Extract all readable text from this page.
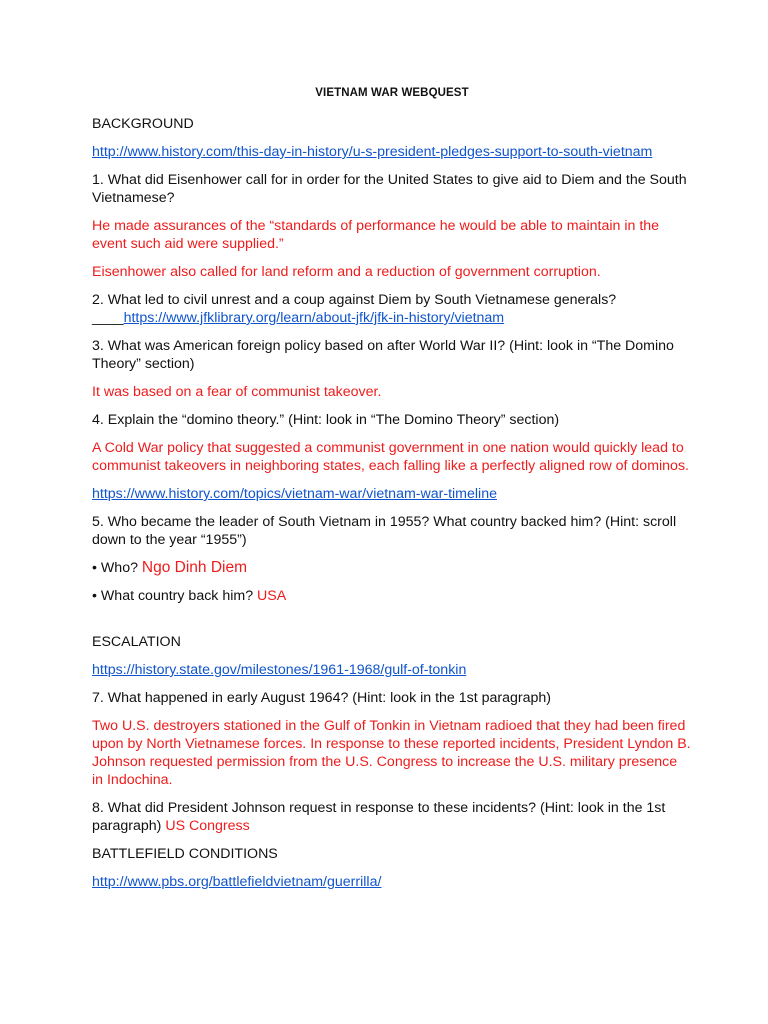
VIETNAM WAR WEBQUEST
BACKGROUND
http://www.history.com/this-day-in-history/u-s-president-pledges-support-to-south-vietnam
1. What did Eisenhower call for in order for the United States to give aid to Diem and the South Vietnamese?
He made assurances of the “standards of performance he would be able to maintain in the event such aid were supplied.”
Eisenhower also called for land reform and a reduction of government corruption.
2. What led to civil unrest and a coup against Diem by South Vietnamese generals? ____https://www.jfklibrary.org/learn/about-jfk/jfk-in-history/vietnam
3. What was American foreign policy based on after World War II? (Hint: look in “The Domino Theory” section)
It was based on a fear of communist takeover.
4. Explain the “domino theory.” (Hint: look in “The Domino Theory” section)
A Cold War policy that suggested a communist government in one nation would quickly lead to communist takeovers in neighboring states, each falling like a perfectly aligned row of dominos.
https://www.history.com/topics/vietnam-war/vietnam-war-timeline
5. Who became the leader of South Vietnam in 1955? What country backed him? (Hint: scroll down to the year “1955”)
• Who? Ngo Dinh Diem
• What country back him? USA
ESCALATION
https://history.state.gov/milestones/1961-1968/gulf-of-tonkin
7. What happened in early August 1964? (Hint: look in the 1st paragraph)
Two U.S. destroyers stationed in the Gulf of Tonkin in Vietnam radioed that they had been fired upon by North Vietnamese forces. In response to these reported incidents, President Lyndon B. Johnson requested permission from the U.S. Congress to increase the U.S. military presence in Indochina.
8. What did President Johnson request in response to these incidents? (Hint: look in the 1st paragraph) US Congress
BATTLEFIELD CONDITIONS
http://www.pbs.org/battlefieldvietnam/guerrilla/
